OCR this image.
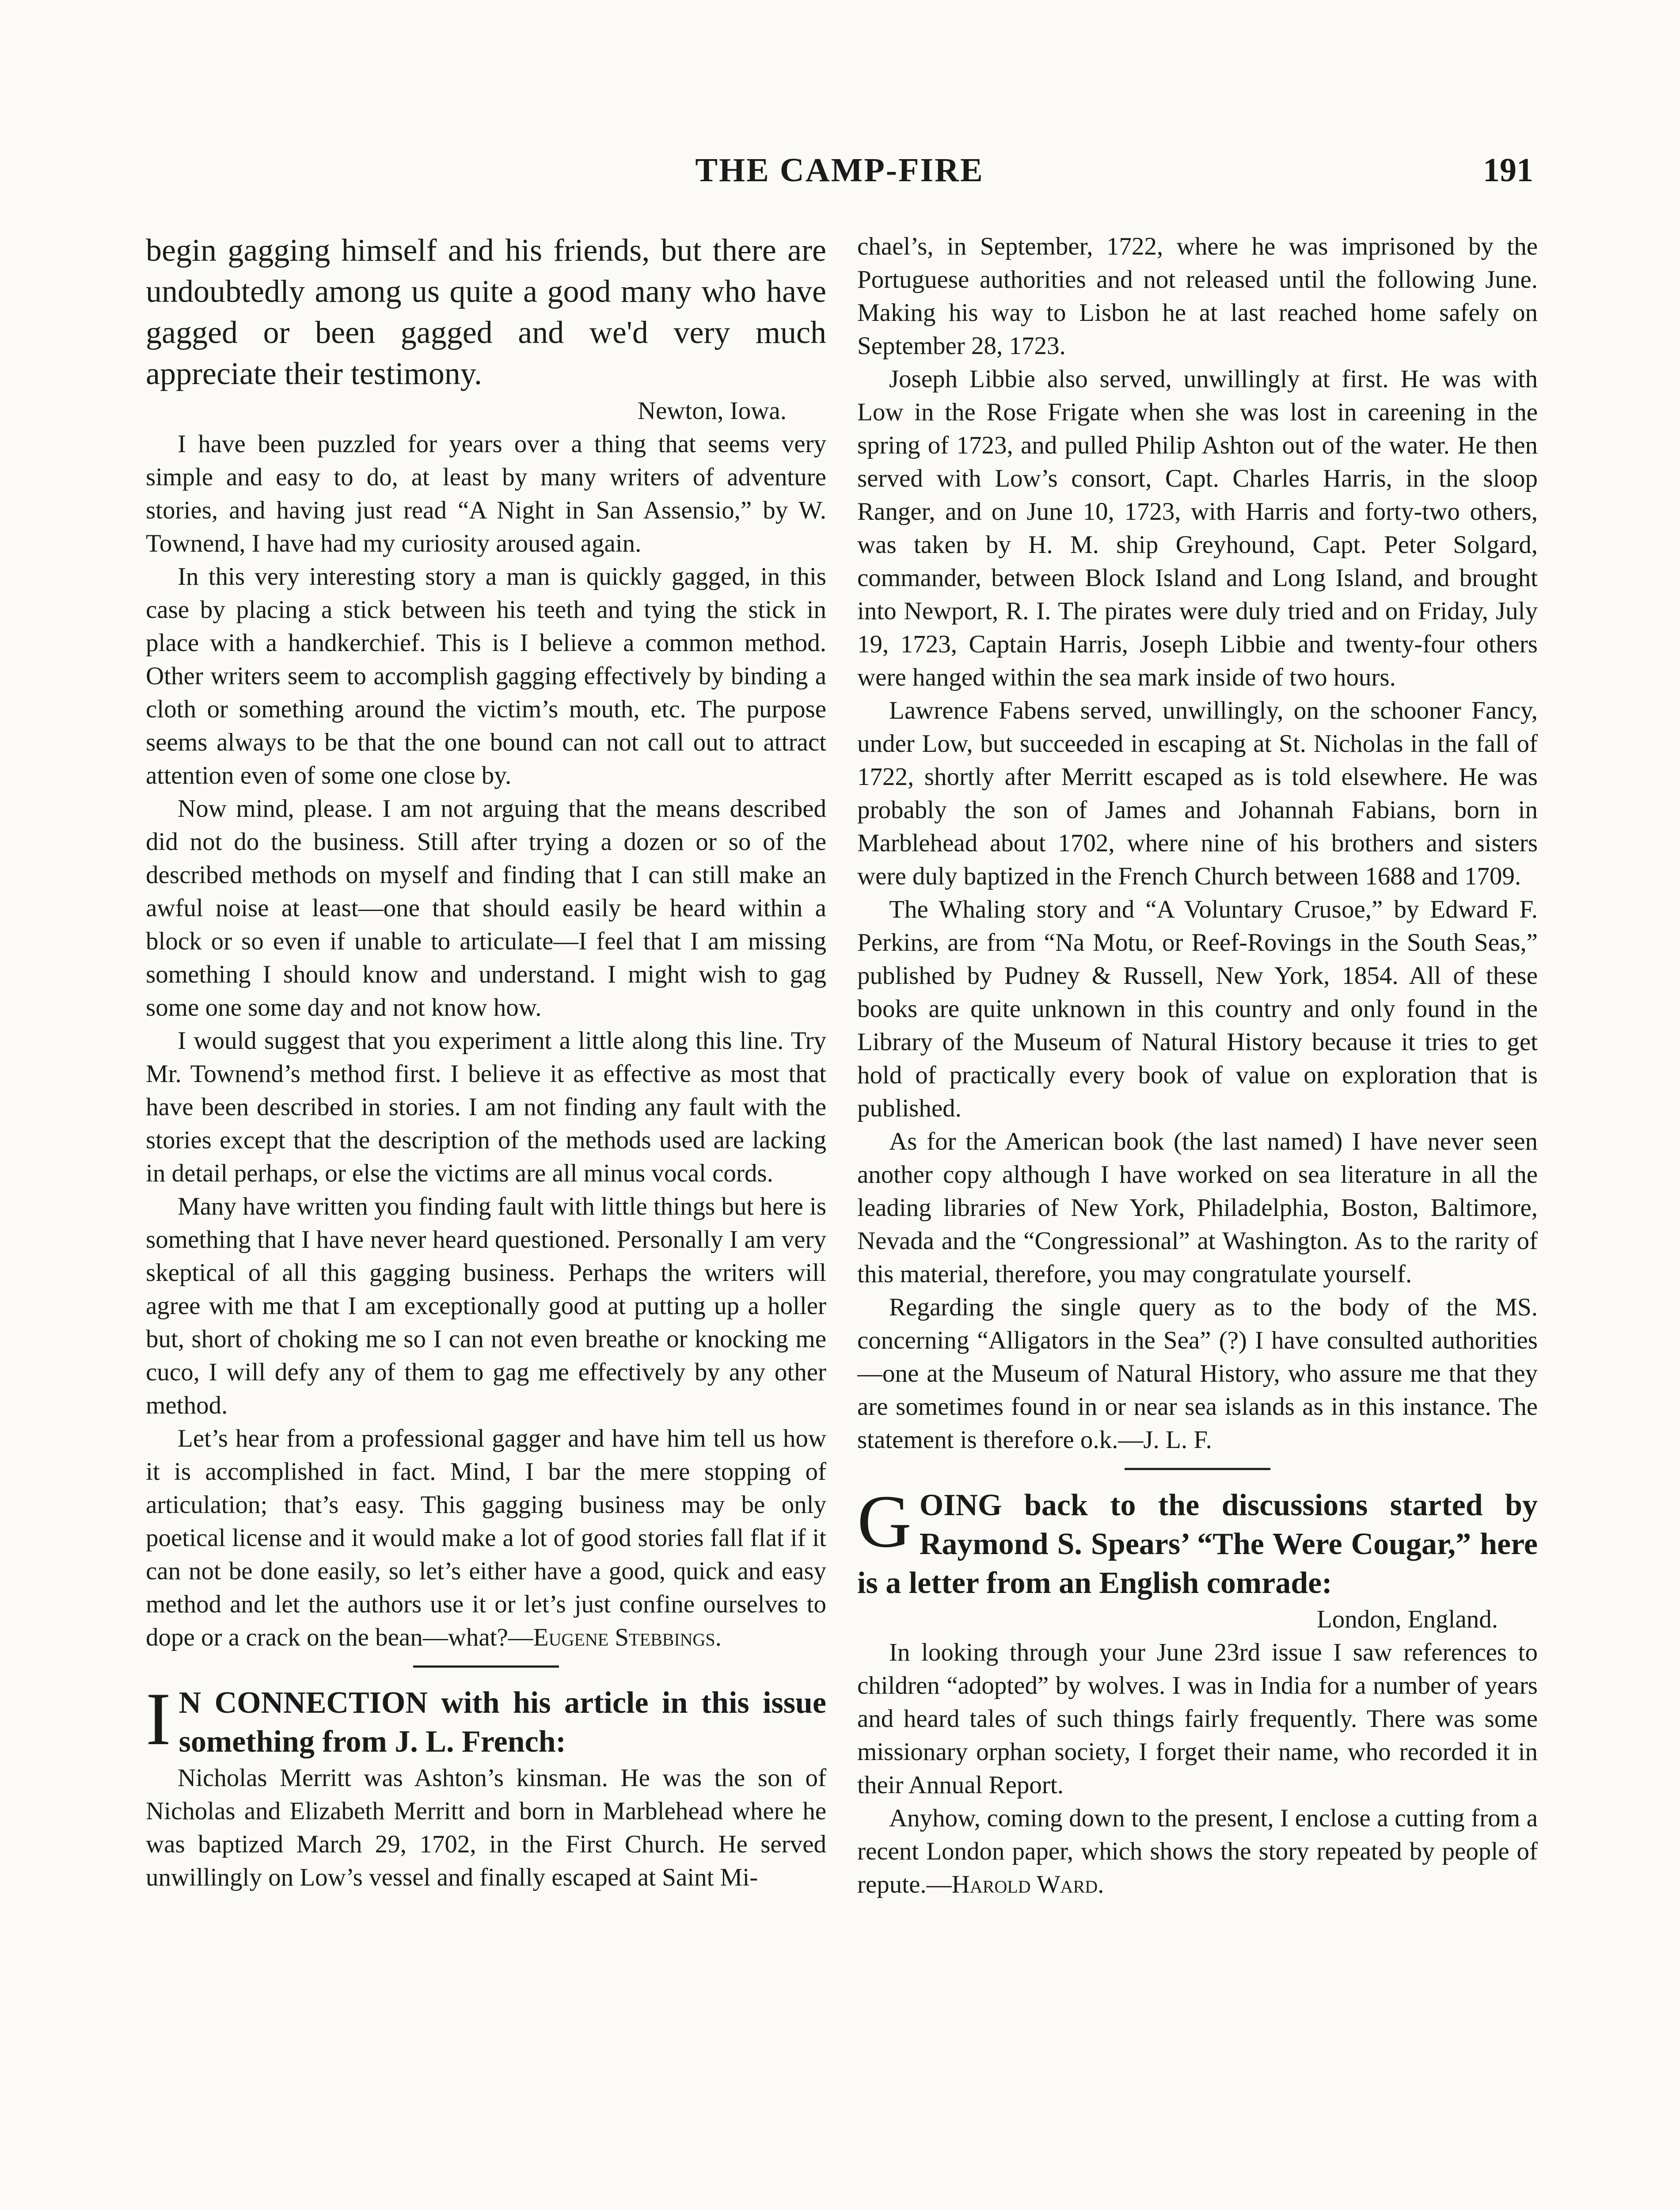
THE CAMP-FIRE	191

begin gagging himself and his friends, but there are undoubtedly among us quite a good many who have gagged or been gagged and we'd very much appreciate their testimony.

Newton, Iowa.

I have been puzzled for years over a thing that seems very simple and easy to do, at least by many writers of adventure stories, and having just read “A Night in San Assensio,” by W. Townend, I have had my curiosity aroused again.

In this very interesting story a man is quickly gagged, in this case by placing a stick between his teeth and tying the stick in place with a handkerchief. This is I believe a common method. Other writers seem to accomplish gagging effectively by binding a cloth or something around the victim’s mouth, etc. The purpose seems always to be that the one bound can not call out to attract attention even of some one close by.

Now mind, please. I am not arguing that the means described did not do the business. Still after trying a dozen or so of the described methods on myself and finding that I can still make an awful noise at least—one that should easily be heard within a block or so even if unable to articulate—I feel that I am missing something I should know and understand. I might wish to gag some one some day and not know how.

I would suggest that you experiment a little along this line. Try Mr. Townend’s method first. I believe it as effective as most that have been described in stories. I am not finding any fault with the stories except that the description of the methods used are lacking in detail perhaps, or else the victims are all minus vocal cords.

Many have written you finding fault with little things but here is something that I have never heard questioned. Personally I am very skeptical of all this gagging business. Perhaps the writers will agree with me that I am exceptionally good at putting up a holler but, short of choking me so I can not even breathe or knocking me cuco, I will defy any of them to gag me effectively by any other method.

Let’s hear from a professional gagger and have him tell us how it is accomplished in fact. Mind, I bar the mere stopping of articulation; that’s easy. This gagging business may be only poetical license and it would make a lot of good stories fall flat if it can not be done easily, so let’s either have a good, quick and easy method and let the authors use it or let’s just confine ourselves to dope or a crack on the bean—what?—Eugene Stebbings.

I N CONNECTION with his article in this issue something from J. L. French:

Nicholas Merritt was Ashton’s kinsman. He was the son of Nicholas and Elizabeth Merritt and born in Marblehead where he was baptized March 29, 1702, in the First Church. He served unwillingly on Low’s vessel and finally escaped at Saint Mi-

chael’s, in September, 1722, where he was imprisoned by the Portuguese authorities and not released until the following June. Making his way to Lisbon he at last reached home safely on September 28, 1723.

Joseph Libbie also served, unwillingly at first. He was with Low in the Rose Frigate when she was lost in careening in the spring of 1723, and pulled Philip Ashton out of the water. He then served with Low’s consort, Capt. Charles Harris, in the sloop Ranger, and on June 10, 1723, with Harris and forty-two others, was taken by H. M. ship Greyhound, Capt. Peter Solgard, commander, between Block Island and Long Island, and brought into Newport, R. I. The pirates were duly tried and on Friday, July 19, 1723, Captain Harris, Joseph Libbie and twenty-four others were hanged within the sea mark inside of two hours.

Lawrence Fabens served, unwillingly, on the schooner Fancy, under Low, but succeeded in escaping at St. Nicholas in the fall of 1722, shortly after Merritt escaped as is told elsewhere. He was probably the son of James and Johannah Fabians, born in Marblehead about 1702, where nine of his brothers and sisters were duly baptized in the French Church between 1688 and 1709.

The Whaling story and “A Voluntary Crusoe,” by Edward F. Perkins, are from “Na Motu, or Reef-Rovings in the South Seas,” published by Pudney & Russell, New York, 1854. All of these books are quite unknown in this country and only found in the Library of the Museum of Natural History because it tries to get hold of practically every book of value on exploration that is published.

As for the American book (the last named) I have never seen another copy although I have worked on sea literature in all the leading libraries of New York, Philadelphia, Boston, Baltimore, Nevada and the “Congressional” at Washington. As to the rarity of this material, therefore, you may congratulate yourself.

Regarding the single query as to the body of the MS. concerning “Alligators in the Sea” (?) I have consulted authorities—one at the Museum of Natural History, who assure me that they are sometimes found in or near sea islands as in this instance. The statement is therefore o.k.—J. L. F.

GOING back to the discussions started by Raymond S. Spears’ “The Were Cougar,” here is a letter from an English comrade:

London, England.

In looking through your June 23rd issue I saw references to children “adopted” by wolves. I was in India for a number of years and heard tales of such things fairly frequently. There was some missionary orphan society, I forget their name, who recorded it in their Annual Report.

Anyhow, coming down to the present, I enclose a cutting from a recent London paper, which shows the story repeated by people of repute.—Harold Ward.
